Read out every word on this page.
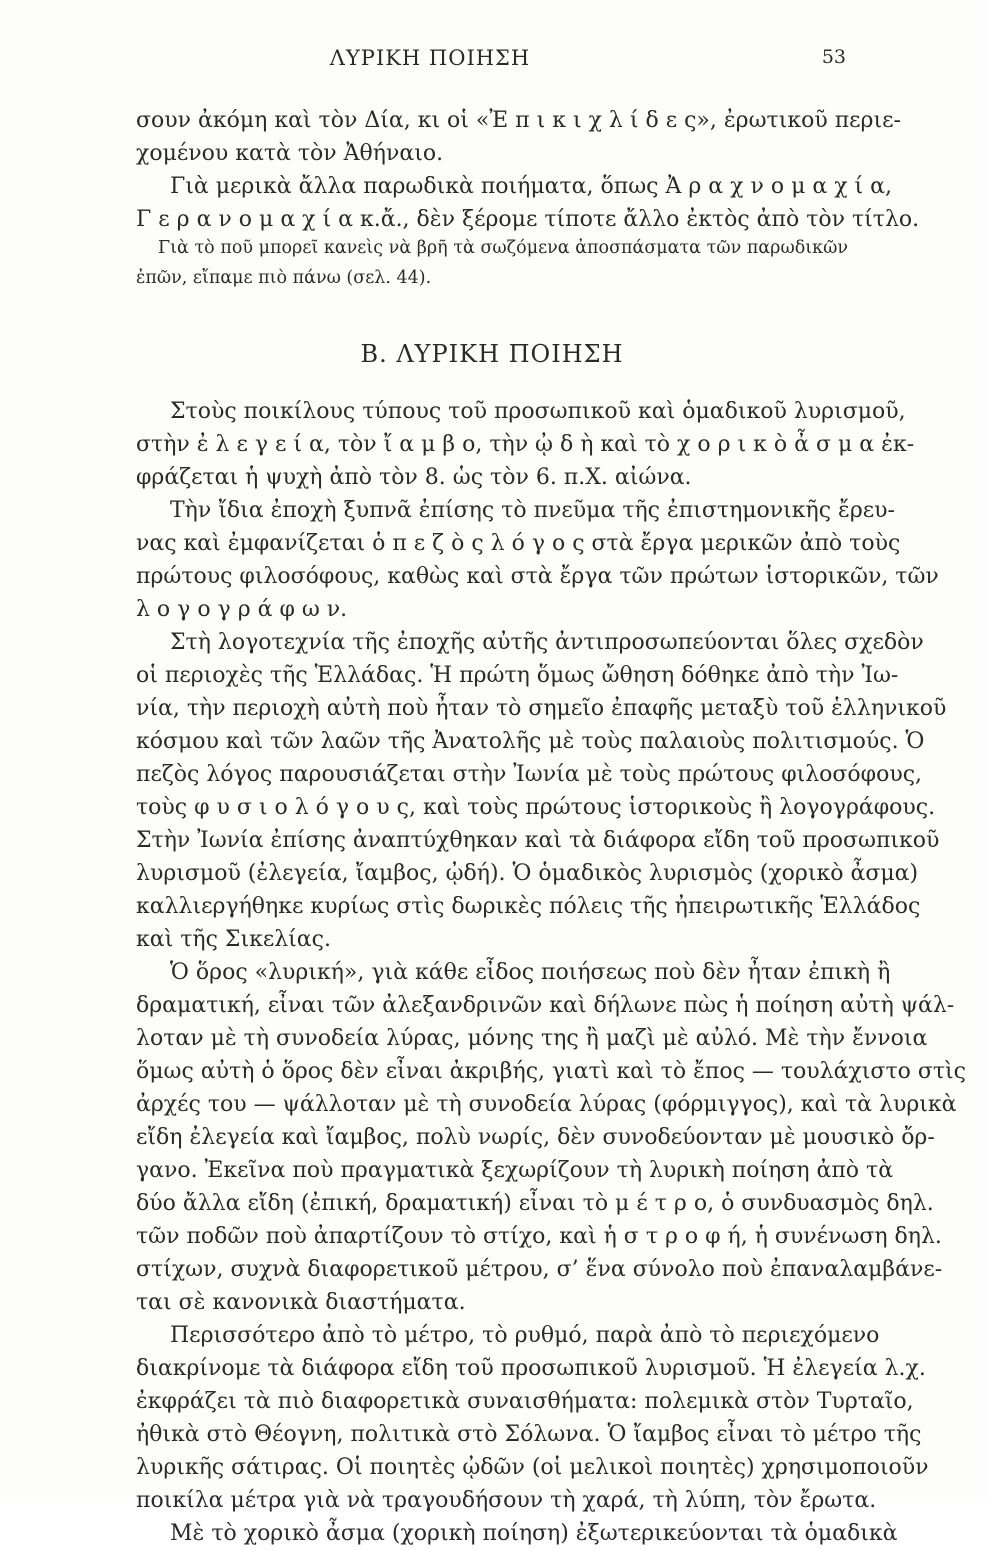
ΛΥΡΙΚΗ ΠΟΙΗΣΗ	53
σουν ἀκόμη καὶ τὸν Δία, κι οἱ «Ἐ π ι κ ι χ λ ί δ ε ς», ἐρωτικοῦ περιε-
χομένου κατὰ τὸν Ἀθήναιο.
Γιὰ μερικὰ ἄλλα παρωδικὰ ποιήματα, ὅπως Ἀ ρ α χ ν ο μ α χ ί α,
Γ ε ρ α ν ο μ α χ ί α κ.ἄ., δὲν ξέρομε τίποτε ἄλλο ἐκτὸς ἀπὸ τὸν τίτλο.
Γιὰ τὸ ποῦ μπορεῖ κανεὶς νὰ βρῆ τὰ σωζόμενα ἀποσπάσματα τῶν παρωδικῶν
ἐπῶν, εἴπαμε πιὸ πάνω (σελ. 44).
Β. ΛΥΡΙΚΗ ΠΟΙΗΣΗ
Στοὺς ποικίλους τύπους τοῦ προσωπικοῦ καὶ ὁμαδικοῦ λυρισμοῦ,
στὴν ἐ λ ε γ ε ί α, τὸν ἴ α μ β ο, τὴν ᾠ δ ὴ καὶ τὸ χ ο ρ ι κ ὸ ἆ σ μ α ἐκ-
φράζεται ἡ ψυχὴ ἀπὸ τὸν 8. ὡς τὸν 6. π.Χ. αἰώνα.
Τὴν ἴδια ἐποχὴ ξυπνᾶ ἐπίσης τὸ πνεῦμα τῆς ἐπιστημονικῆς ἔρευ-
νας καὶ ἐμφανίζεται ὁ π ε ζ ὸ ς λ ό γ ο ς στὰ ἔργα μερικῶν ἀπὸ τοὺς
πρώτους φιλοσόφους, καθὼς καὶ στὰ ἔργα τῶν πρώτων ἱστορικῶν, τῶν
λ ο γ ο γ ρ ά φ ω ν.
Στὴ λογοτεχνία τῆς ἐποχῆς αὐτῆς ἀντιπροσωπεύονται ὅλες σχεδὸν
οἱ περιοχὲς τῆς Ἑλλάδας. Ἡ πρώτη ὅμως ὤθηση δόθηκε ἀπὸ τὴν Ἰω-
νία, τὴν περιοχὴ αὐτὴ ποὺ ἦταν τὸ σημεῖο ἐπαφῆς μεταξὺ τοῦ ἑλληνικοῦ
κόσμου καὶ τῶν λαῶν τῆς Ἀνατολῆς μὲ τοὺς παλαιοὺς πολιτισμούς. Ὁ
πεζὸς λόγος παρουσιάζεται στὴν Ἰωνία μὲ τοὺς πρώτους φιλοσόφους,
τοὺς φ υ σ ι ο λ ό γ ο υ ς, καὶ τοὺς πρώτους ἱστορικοὺς ἢ λογογράφους.
Στὴν Ἰωνία ἐπίσης ἀναπτύχθηκαν καὶ τὰ διάφορα εἴδη τοῦ προσωπικοῦ
λυρισμοῦ (ἐλεγεία, ἴαμβος, ᾠδή). Ὁ ὁμαδικὸς λυρισμὸς (χορικὸ ἆσμα)
καλλιεργήθηκε κυρίως στὶς δωρικὲς πόλεις τῆς ἠπειρωτικῆς Ἑλλάδος
καὶ τῆς Σικελίας.
Ὁ ὅρος «λυρική», γιὰ κάθε εἶδος ποιήσεως ποὺ δὲν ἦταν ἐπικὴ ἢ
δραματική, εἶναι τῶν ἀλεξανδρινῶν καὶ δήλωνε πὼς ἡ ποίηση αὐτὴ ψάλ-
λοταν μὲ τὴ συνοδεία λύρας, μόνης της ἢ μαζὶ μὲ αὐλό. Μὲ τὴν ἔννοια
ὅμως αὐτὴ ὁ ὅρος δὲν εἶναι ἀκριβής, γιατὶ καὶ τὸ ἔπος — τουλάχιστο στὶς
ἀρχές του — ψάλλοταν μὲ τὴ συνοδεία λύρας (φόρμιγγος), καὶ τὰ λυρικὰ
εἴδη ἐλεγεία καὶ ἴαμβος, πολὺ νωρίς, δὲν συνοδεύονταν μὲ μουσικὸ ὄρ-
γανο. Ἐκεῖνα ποὺ πραγματικὰ ξεχωρίζουν τὴ λυρικὴ ποίηση ἀπὸ τὰ
δύο ἄλλα εἴδη (ἐπική, δραματική) εἶναι τὸ μ έ τ ρ ο, ὁ συνδυασμὸς δηλ.
τῶν ποδῶν ποὺ ἀπαρτίζουν τὸ στίχο, καὶ ἡ σ τ ρ ο φ ή, ἡ συνένωση δηλ.
στίχων, συχνὰ διαφορετικοῦ μέτρου, σ’ ἕνα σύνολο ποὺ ἐπαναλαμβάνε-
ται σὲ κανονικὰ διαστήματα.
Περισσότερο ἀπὸ τὸ μέτρο, τὸ ρυθμό, παρὰ ἀπὸ τὸ περιεχόμενο
διακρίνομε τὰ διάφορα εἴδη τοῦ προσωπικοῦ λυρισμοῦ. Ἡ ἐλεγεία λ.χ.
ἐκφράζει τὰ πιὸ διαφορετικὰ συναισθήματα: πολεμικὰ στὸν Τυρταῖο,
ἠθικὰ στὸ Θέογνη, πολιτικὰ στὸ Σόλωνα. Ὁ ἴαμβος εἶναι τὸ μέτρο τῆς
λυρικῆς σάτιρας. Οἱ ποιητὲς ᾠδῶν (οἱ μελικοὶ ποιητὲς) χρησιμοποιοῦν
ποικίλα μέτρα γιὰ νὰ τραγουδήσουν τὴ χαρά, τὴ λύπη, τὸν ἔρωτα.
Μὲ τὸ χορικὸ ἆσμα (χορικὴ ποίηση) ἐξωτερικεύονται τὰ ὁμαδικὰ
